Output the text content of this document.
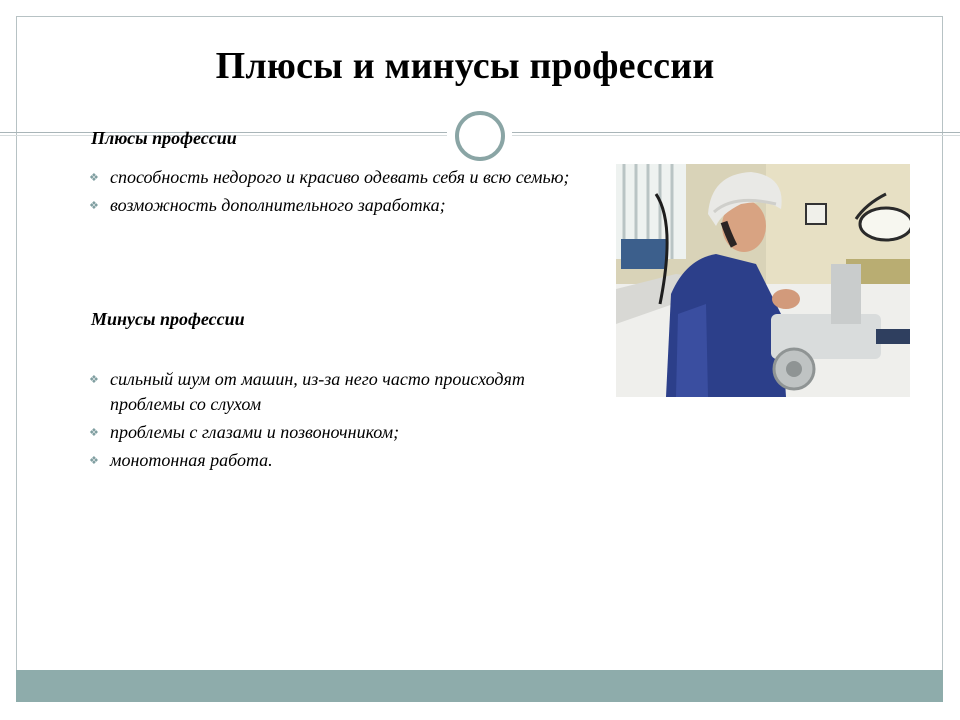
Плюсы и минусы профессии
Плюсы профессии
❖ способность недорого и красиво одевать себя и всю семью;
❖ возможность дополнительного заработка;
Минусы профессии
❖ сильный шум от машин, из-за него часто происходят проблемы со слухом
❖ проблемы с глазами и позвоночником;
❖ монотонная работа.
